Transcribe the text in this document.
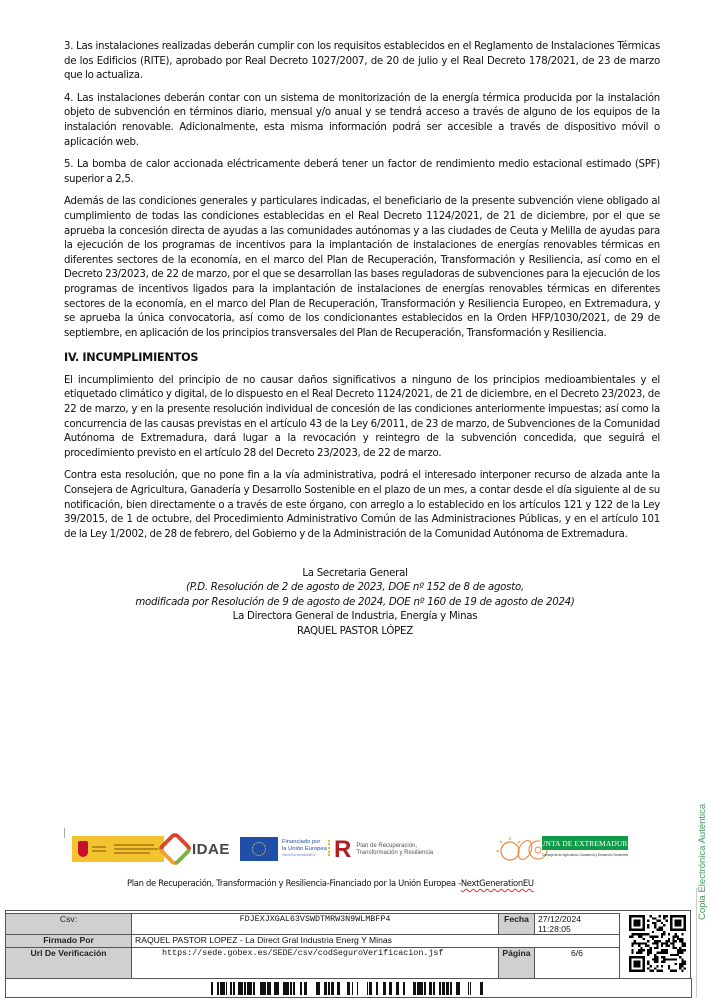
3. Las instalaciones realizadas deberán cumplir con los requisitos establecidos en el Reglamento de Instalaciones Térmicas de los Edificios (RITE), aprobado por Real Decreto 1027/2007, de 20 de julio y el Real Decreto 178/2021, de 23 de marzo que lo actualiza.

4. Las instalaciones deberán contar con un sistema de monitorización de la energía térmica producida por la instalación objeto de subvención en términos diario, mensual y/o anual y se tendrá acceso a través de alguno de los equipos de la instalación renovable. Adicionalmente, esta misma información podrá ser accesible a través de dispositivo móvil o aplicación web.

5. La bomba de calor accionada eléctricamente deberá tener un factor de rendimiento medio estacional estimado (SPF) superior a 2,5.

Además de las condiciones generales y particulares indicadas, el beneficiario de la presente subvención viene obligado al cumplimiento de todas las condiciones establecidas en el Real Decreto 1124/2021, de 21 de diciembre, por el que se aprueba la concesión directa de ayudas a las comunidades autónomas y a las ciudades de Ceuta y Melilla de ayudas para la ejecución de los programas de incentivos para la implantación de instalaciones de energías renovables térmicas en diferentes sectores de la economía, en el marco del Plan de Recuperación, Transformación y Resiliencia, así como en el Decreto 23/2023, de 22 de marzo, por el que se desarrollan las bases reguladoras de subvenciones para la ejecución de los programas de incentivos ligados para la implantación de instalaciones de energías renovables térmicas en diferentes sectores de la economía, en el marco del Plan de Recuperación, Transformación y Resiliencia Europeo, en Extremadura, y se aprueba la única convocatoria, así como de los condicionantes establecidos en la Orden HFP/1030/2021, de 29 de septiembre, en aplicación de los principios transversales del Plan de Recuperación, Transformación y Resiliencia.

IV. INCUMPLIMIENTOS

El incumplimiento del principio de no causar daños significativos a ninguno de los principios medioambientales y el etiquetado climático y digital, de lo dispuesto en el Real Decreto 1124/2021, de 21 de diciembre, en el Decreto 23/2023, de 22 de marzo, y en la presente resolución individual de concesión de las condiciones anteriormente impuestas; así como la concurrencia de las causas previstas en el artículo 43 de la Ley 6/2011, de 23 de marzo, de Subvenciones de la Comunidad Autónoma de Extremadura, dará lugar a la revocación y reintegro de la subvención concedida, que seguirá el procedimiento previsto en el artículo 28 del Decreto 23/2023, de 22 de marzo.

Contra esta resolución, que no pone fin a la vía administrativa, podrá el interesado interponer recurso de alzada ante la Consejera de Agricultura, Ganadería y Desarrollo Sostenible en el plazo de un mes, a contar desde el día siguiente al de su notificación, bien directamente o a través de este órgano, con arreglo a lo establecido en los artículos 121 y 122 de la Ley 39/2015, de 1 de octubre, del Procedimiento Administrativo Común de las Administraciones Públicas, y en el artículo 101 de la Ley 1/2002, de 28 de febrero, del Gobierno y de la Administración de la Comunidad Autónoma de Extremadura.

La Secretaria General
(P.D. Resolución de 2 de agosto de 2023, DOE nº 152 de 8 de agosto,
modificada por Resolución de 9 de agosto de 2024, DOE nº 160 de 19 de agosto de 2024)
La Directora General de Industria, Energía y Minas
RAQUEL PASTOR LÓPEZ
IDAE	Financiado por
la Unión Europea
NextGenerationEU R Plan de Recuperación,
Transformación y Resiliencia
JUNTA DE EXTREMADURA
Consejería de Agricultura, Ganadería y Desarrollo Sostenible
Plan de Recuperación, Transformación y Resiliencia-Financiado por la Unión Europea -NextGenerationEU	Copia Electrónica Auténtica
Csv:	FDJEXJXGAL63VSWDTMRW3N9WLMBFP4	Fecha	27/12/2024 11:28:05
Firmado Por	RAQUEL PASTOR LOPEZ - La Direct Gral Industria Energ Y Minas		
Url De Verificación	https://sede.gobex.es/SEDE/csv/codSeguroVerificacion.jsf	Página	6/6
